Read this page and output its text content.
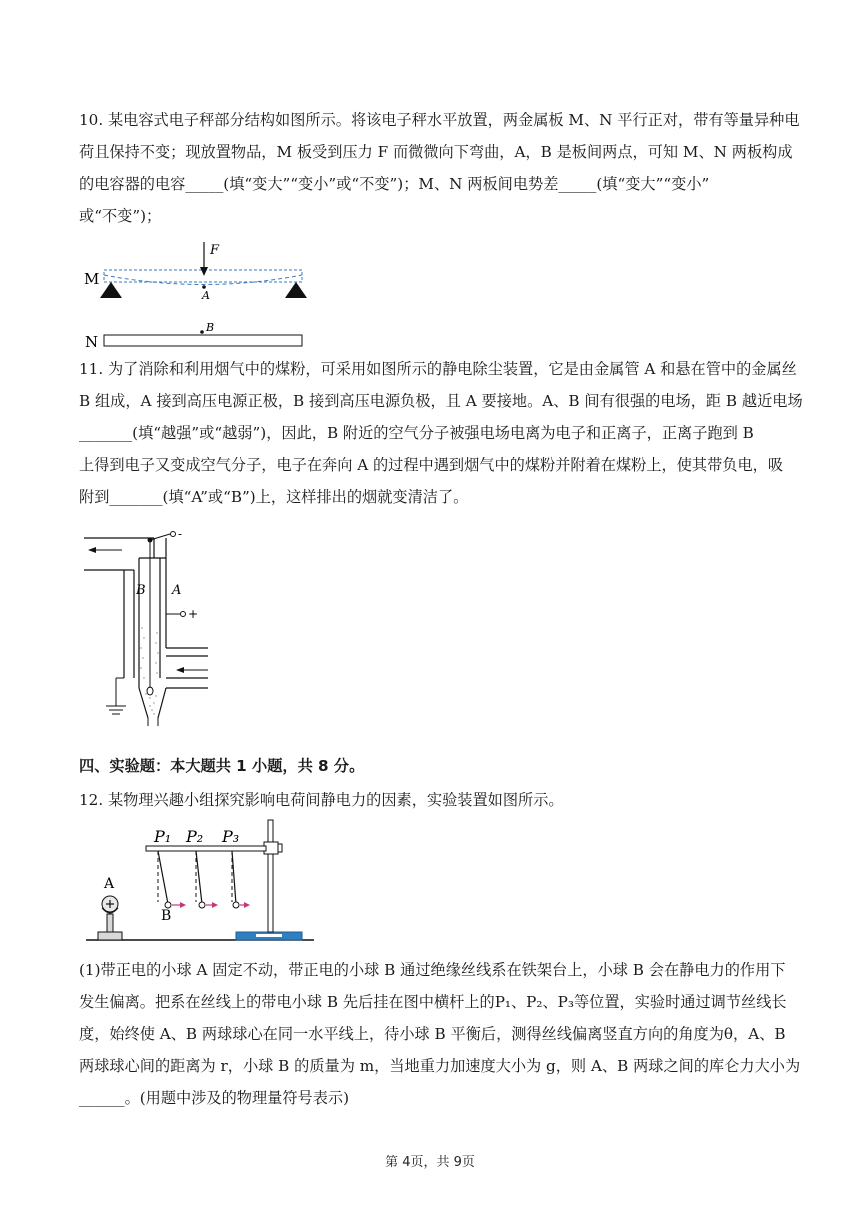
10. 某电容式电子秤部分结构如图所示。将该电子秤水平放置，两金属板 M、N 平行正对，带有等量异种电
荷且保持不变；现放置物品，M 板受到压力 F 而微微向下弯曲，A，B 是板间两点，可知 M、N 两板构成
的电容器的电容_____(填“变大”“变小”或“不变”)；M、N 两板间电势差_____(填“变大”“变小”
或“不变”)；

F
A
M
B
N

11. 为了消除和利用烟气中的煤粉，可采用如图所示的静电除尘装置，它是由金属管 A 和悬在管中的金属丝
B 组成，A 接到高压电源正极，B 接到高压电源负极，且 A 要接地。A、B 间有很强的电场，距 B 越近电场
_______(填“越强”或“越弱”)，因此，B 附近的空气分子被强电场电离为电子和正离子，正离子跑到 B
上得到电子又变成空气分子，电子在奔向 A 的过程中遇到烟气中的煤粉并附着在煤粉上，使其带负电，吸
附到_______(填“A”或“B”)上，这样排出的烟就变清洁了。

-
+
B A
四、实验题：本大题共 1 小题，共 8 分。

12. 某物理兴趣小组探究影响电荷间静电力的因素，实验装置如图所示。

P₁ P₂ P₃
B
A

(1)带正电的小球 A 固定不动，带正电的小球 B 通过绝缘丝线系在铁架台上，小球 B 会在静电力的作用下
发生偏离。把系在丝线上的带电小球 B 先后挂在图中横杆上的P₁、P₂、P₃等位置，实验时通过调节丝线长
度，始终使 A、B 两球球心在同一水平线上，待小球 B 平衡后，测得丝线偏离竖直方向的角度为θ，A、B
两球球心间的距离为 r，小球 B 的质量为 m，当地重力加速度大小为 g，则 A、B 两球之间的库仑力大小为
______。(用题中涉及的物理量符号表示)

第 4页，共 9页
